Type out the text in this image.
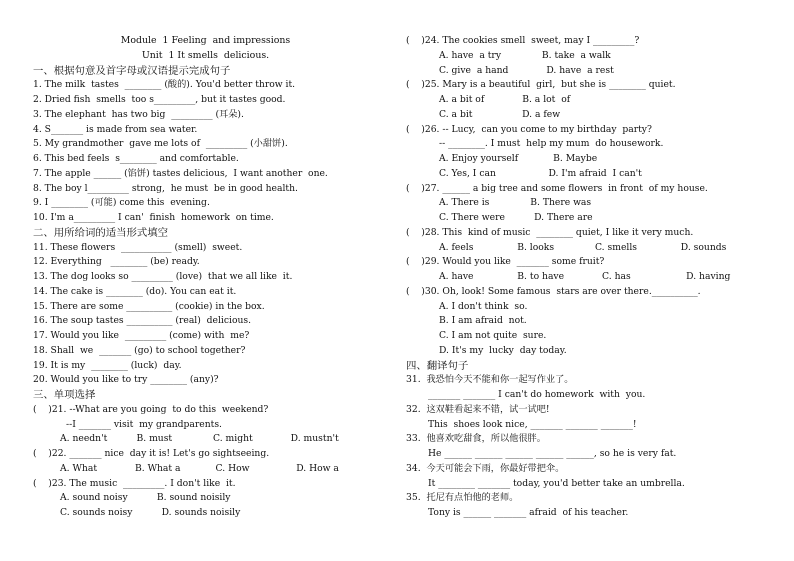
Module  1 Feeling  and impressions
Unit  1 It smells  delicious.
一、根据句意及首字母或汉语提示完成句子
1. The milk  tastes  ________ (酸的). You'd better throw it.
2. Dried fish  smells  too s_________, but it tastes good.
3. The elephant  has two big  _________ (耳朵).
4. S_______ is made from sea water.
5. My grandmother  gave me lots of  _________ (小甜饼).
6. This bed feels  s________ and comfortable.
7. The apple ______ (馅饼) tastes delicious,  I want another  one.
8. The boy l_________ strong,  he must  be in good health.
9. I ________ (可能) come this  evening.
10. I'm a_________ I can'  finish  homework  on time.
二、用所给词的适当形式填空
11. These flowers  ___________ (smell)  sweet.
12. Everything   ________ (be) ready.
13. The dog looks so _________ (love)  that we all like  it.
14. The cake is ________ (do). You can eat it.
15. There are some __________ (cookie) in the box.
16. The soup tastes __________ (real)  delicious.
17. Would you like  _________ (come) with  me?
18. Shall  we  _______ (go) to school together?
19. It is my  ________ (luck)  day.
20. Would you like to try ________ (any)?
三、单项选择
(    )21. --What are you going  to do this  weekend?
--I _______ visit  my grandparents.
A. needn't          B. must              C. might             D. mustn't
(    )22. _______ nice  day it is! Let's go sightseeing.
A. What             B. What a            C. How                D. How a
(    )23. The music  _________. I don't like  it.
A. sound noisy          B. sound noisily
C. sounds noisy          D. sounds noisily
(    )24. The cookies smell  sweet, may I _________?
A. have  a try              B. take  a walk
C. give  a hand             D. have  a rest
(    )25. Mary is a beautiful  girl,  but she is ________ quiet.
A. a bit of             B. a lot  of
C. a bit                 D. a few
(    )26. -- Lucy,  can you come to my birthday  party?
-- ________. I must  help my mum  do housework.
A. Enjoy yourself            B. Maybe
C. Yes, I can                  D. I'm afraid  I can't
(    )27. ______ a big tree and some flowers  in front  of my house.
A. There is              B. There was
C. There were          D. There are
(    )28. This  kind of music  ________ quiet, I like it very much.
A. feels               B. looks              C. smells               D. sounds
(    )29. Would you like  _______ some fruit?
A. have               B. to have             C. has                   D. having
(    )30. Oh, look! Some famous  stars are over there.__________.
A. I don't think  so.
B. I am afraid  not.
C. I am not quite  sure.
D. It's my  lucky  day today.
四、翻译句子
31.  我恐怕今天不能和你一起写作业了。
_______ _______ I can't do homework  with  you.
32.  这双鞋看起来不错，试一试吧!
This  shoes look nice, _______ _______ _______!
33.  他喜欢吃甜食，所以他很胖。
He ______ ______ ______ ______ ______, so he is very fat.
34.  今天可能会下雨，你最好带把伞。
It ________ _______ today, you'd better take an umbrella.
35.  托尼有点怕他的老师。
Tony is ______ _______ afraid  of his teacher.
